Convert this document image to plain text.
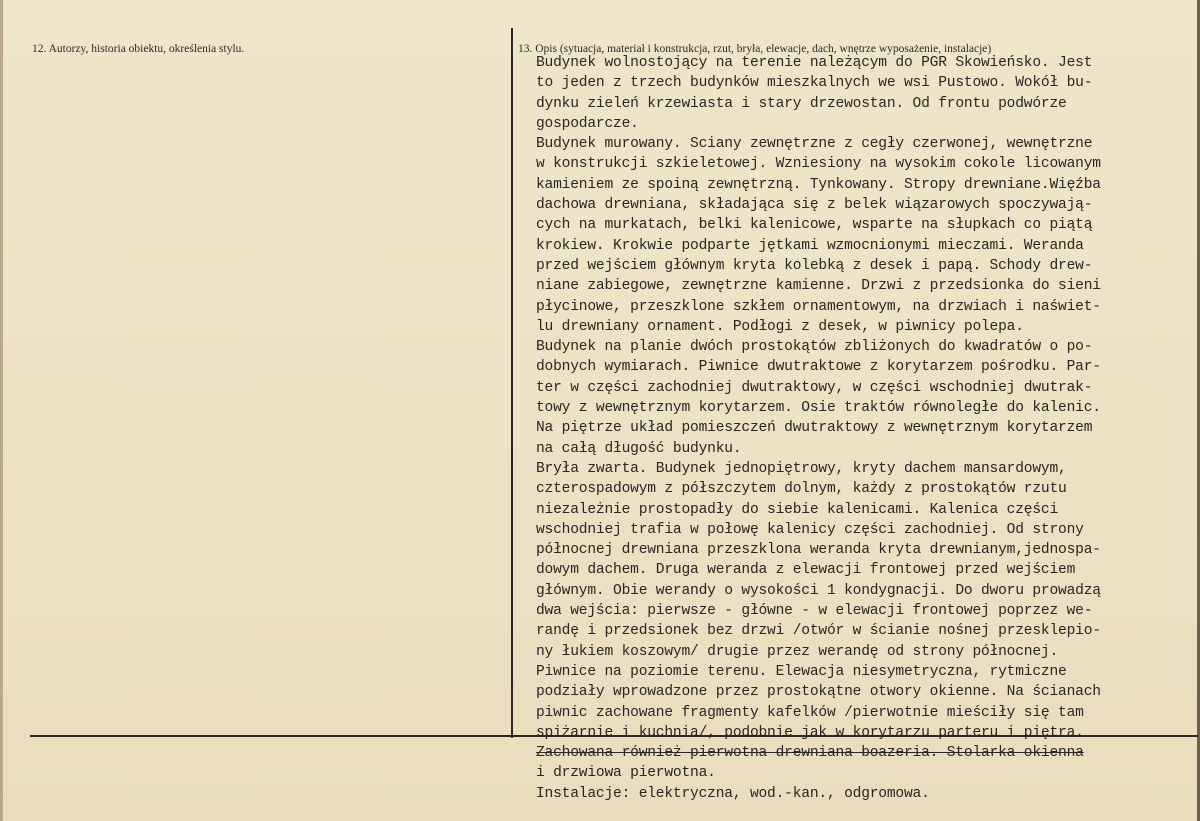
12. Autorzy, historia obiektu, określenia stylu.	13. Opis (sytuacja, materiał i konstrukcja, rzut, bryła, elewacje, dach, wnętrze wyposażenie, instalacje)
Budynek wolnostojący na terenie należącym do PGR Skowieńsko. Jest
to jeden z trzech budynków mieszkalnych we wsi Pustowo. Wokół bu-
dynku zieleń krzewiasta i stary drzewostan. Od frontu podwórze
gospodarcze.
Budynek murowany. Sciany zewnętrzne z cegły czerwonej, wewnętrzne
w konstrukcji szkieletowej. Wzniesiony na wysokim cokole licowanym
kamieniem ze spoiną zewnętrzną. Tynkowany. Stropy drewniane.Więźba
dachowa drewniana, składająca się z belek wiązarowych spoczywają-
cych na murkatach, belki kalenicowe, wsparte na słupkach co piątą
krokiew. Krokwie podparte jętkami wzmocnionymi mieczami. Weranda
przed wejściem głównym kryta kolebką z desek i papą. Schody drew-
niane zabiegowe, zewnętrzne kamienne. Drzwi z przedsionka do sieni
płycinowe, przeszklone szkłem ornamentowym, na drzwiach i naświet-
lu drewniany ornament. Podłogi z desek, w piwnicy polepa.
Budynek na planie dwóch prostokątów zbliżonych do kwadratów o po-
dobnych wymiarach. Piwnice dwutraktowe z korytarzem pośrodku. Par-
ter w części zachodniej dwutraktowy, w części wschodniej dwutrak-
towy z wewnętrznym korytarzem. Osie traktów równoległe do kalenic.
Na piętrze układ pomieszczeń dwutraktowy z wewnętrznym korytarzem
na całą długość budynku.
Bryła zwarta. Budynek jednopiętrowy, kryty dachem mansardowym,
czterospadowym z półszczytem dolnym, każdy z prostokątów rzutu
niezależnie prostopadły do siebie kalenicami. Kalenica części
wschodniej trafia w połowę kalenicy części zachodniej. Od strony
północnej drewniana przeszklona weranda kryta drewnianym,jednospa-
dowym dachem. Druga weranda z elewacji frontowej przed wejściem
głównym. Obie werandy o wysokości 1 kondygnacji. Do dworu prowadzą
dwa wejścia: pierwsze - główne - w elewacji frontowej poprzez we-
randę i przedsionek bez drzwi /otwór w ścianie nośnej przesklepio-
ny łukiem koszowym/ drugie przez werandę od strony północnej.
Piwnice na poziomie terenu. Elewacja niesymetryczna, rytmiczne
podziały wprowadzone przez prostokątne otwory okienne. Na ścianach
piwnic zachowane fragmenty kafelków /pierwotnie mieściły się tam
spiżarnie i kuchnia/, podobnie jak w korytarzu parteru i piętra.
Zachowana również pierwotna drewniana boazeria. Stolarka okienna
i drzwiowa pierwotna.
Instalacje: elektryczna, wod.-kan., odgromowa.
